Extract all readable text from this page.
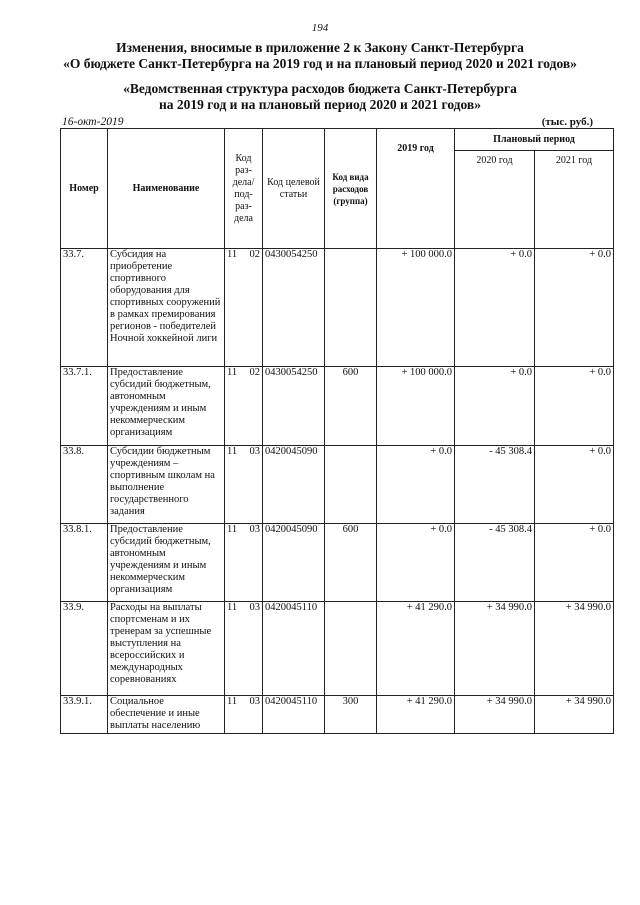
194
Изменения, вносимые в приложение 2 к Закону Санкт-Петербурга
«О бюджете Санкт-Петербурга на 2019 год и на плановый период 2020 и 2021 годов»
«Ведомственная структура расходов бюджета Санкт-Петербурга
на 2019 год и на плановый период 2020 и 2021 годов»
16-окт-2019	(тыс. руб.)
Номер	Наименование	Код раз-дела/ под-раз-дела	Код целевой статьи	Код вида расходов (группа)	2019 год	Плановый период	
						2020 год	2021 год
33.7.	Субсидия на приобретение спортивного оборудования для спортивных сооружений в рамках премирования регионов - победителей Ночной хоккейной лиги	11 02	0430054250		+ 100 000.0	+ 0.0	+ 0.0
33.7.1.	Предоставление субсидий бюджетным, автономным учреждениям и иным некоммерческим организациям	11 02	0430054250	600	+ 100 000.0	+ 0.0	+ 0.0
33.8.	Субсидии бюджетным учреждениям – спортивным школам на выполнение государственного задания	11 03	0420045090		+ 0.0	- 45 308.4	+ 0.0
33.8.1.	Предоставление субсидий бюджетным, автономным учреждениям и иным некоммерческим организациям	11 03	0420045090	600	+ 0.0	- 45 308.4	+ 0.0
33.9.	Расходы на выплаты спортсменам и их тренерам за успешные выступления на всероссийских и международных соревнованиях	11 03	0420045110		+ 41 290.0	+ 34 990.0	+ 34 990.0
33.9.1.	Социальное обеспечение и иные выплаты населению	11 03	0420045110	300	+ 41 290.0	+ 34 990.0	+ 34 990.0
